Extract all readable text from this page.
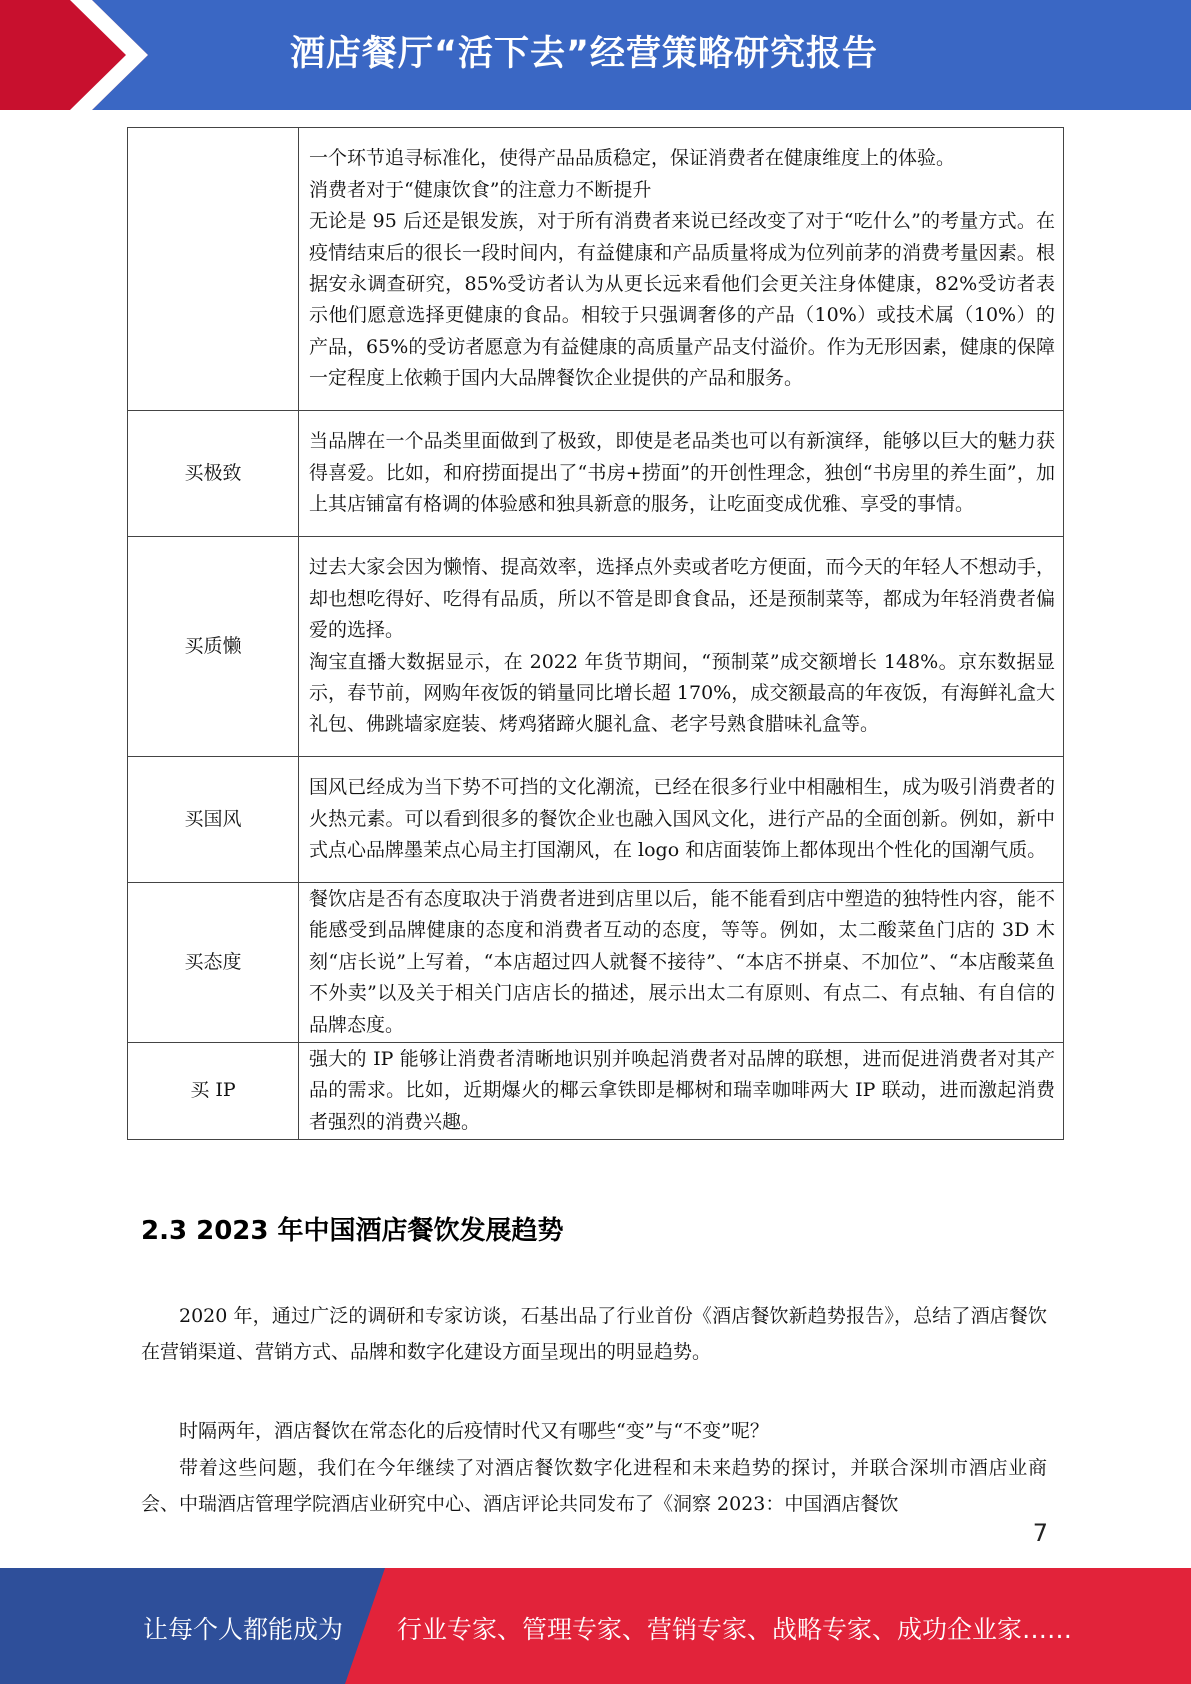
酒店餐厅“活下去”经营策略研究报告

	一个环节追寻标准化，使得产品品质稳定，保证消费者在健康维度上的体验。

消费者对于“健康饮食”的注意力不断提升

无论是 95 后还是银发族，对于所有消费者来说已经改变了对于“吃什么”的考量方式。在疫情结束后的很长一段时间内，有益健康和产品质量将成为位列前茅的消费考量因素。根据安永调查研究，85%受访者认为从更长远来看他们会更关注身体健康，82%受访者表示他们愿意选择更健康的食品。相较于只强调奢侈的产品（10%）或技术属（10%）的产品，65%的受访者愿意为有益健康的高质量产品支付溢价。作为无形因素，健康的保障一定程度上依赖于国内大品牌餐饮企业提供的产品和服务。

买极致	当品牌在一个品类里面做到了极致，即使是老品类也可以有新演绎，能够以巨大的魅力获得喜爱。比如，和府捞面提出了“书房+捞面”的开创性理念，独创“书房里的养生面”，加上其店铺富有格调的体验感和独具新意的服务，让吃面变成优雅、享受的事情。

买质懒	过去大家会因为懒惰、提高效率，选择点外卖或者吃方便面，而今天的年轻人不想动手，却也想吃得好、吃得有品质，所以不管是即食食品，还是预制菜等，都成为年轻消费者偏爱的选择。

淘宝直播大数据显示，在 2022 年货节期间，“预制菜”成交额增长 148%。京东数据显示，春节前，网购年夜饭的销量同比增长超 170%，成交额最高的年夜饭，有海鲜礼盒大礼包、佛跳墙家庭装、烤鸡猪蹄火腿礼盒、老字号熟食腊味礼盒等。

买国风	国风已经成为当下势不可挡的文化潮流，已经在很多行业中相融相生，成为吸引消费者的火热元素。可以看到很多的餐饮企业也融入国风文化，进行产品的全面创新。例如，新中式点心品牌墨茉点心局主打国潮风，在 logo 和店面装饰上都体现出个性化的国潮气质。

买态度	餐饮店是否有态度取决于消费者进到店里以后，能不能看到店中塑造的独特性内容，能不能感受到品牌健康的态度和消费者互动的态度，等等。例如，太二酸菜鱼门店的 3D 木刻“店长说”上写着，“本店超过四人就餐不接待”、“本店不拼桌、不加位”、“本店酸菜鱼不外卖”以及关于相关门店店长的描述，展示出太二有原则、有点二、有点轴、有自信的品牌态度。

买 IP	强大的 IP 能够让消费者清晰地识别并唤起消费者对品牌的联想，进而促进消费者对其产品的需求。比如，近期爆火的椰云拿铁即是椰树和瑞幸咖啡两大 IP 联动，进而激起消费者强烈的消费兴趣。

2.3 2023 年中国酒店餐饮发展趋势

2020 年，通过广泛的调研和专家访谈，石基出品了行业首份《酒店餐饮新趋势报告》，总结了酒店餐饮在营销渠道、营销方式、品牌和数字化建设方面呈现出的明显趋势。

时隔两年，酒店餐饮在常态化的后疫情时代又有哪些“变”与“不变”呢？

带着这些问题，我们在今年继续了对酒店餐饮数字化进程和未来趋势的探讨，并联合深圳市酒店业商会、中瑞酒店管理学院酒店业研究中心、酒店评论共同发布了《洞察 2023：中国酒店餐饮

7
让每个人都能成为 行业专家、管理专家、营销专家、战略专家、成功企业家……
